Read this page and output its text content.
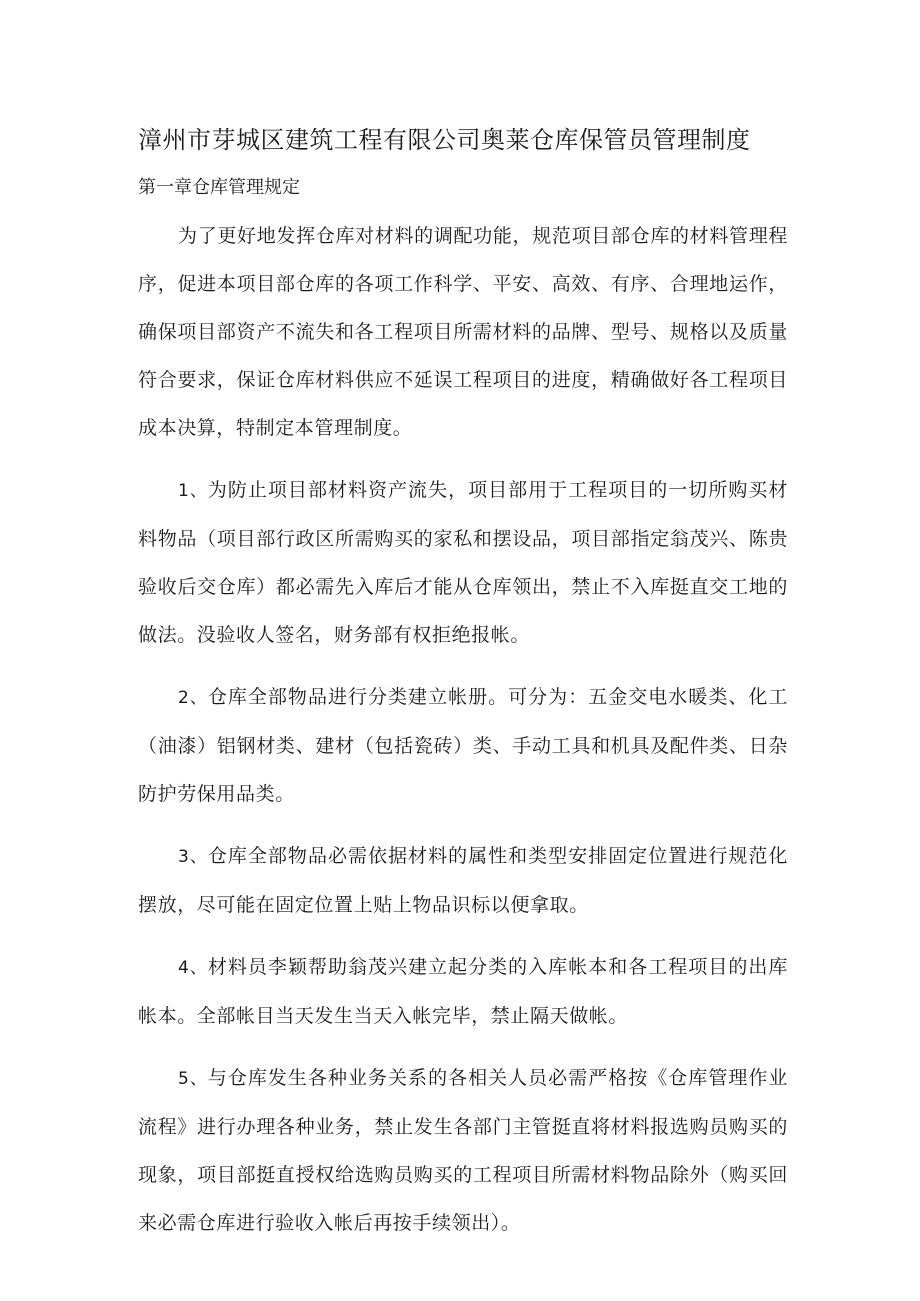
漳州市芽城区建筑工程有限公司奥莱仓库保管员管理制度
第一章仓库管理规定

为了更好地发挥仓库对材料的调配功能，规范项目部仓库的材料管理程序，促进本项目部仓库的各项工作科学、平安、高效、有序、合理地运作，确保项目部资产不流失和各工程项目所需材料的品牌、型号、规格以及质量符合要求，保证仓库材料供应不延误工程项目的进度，精确做好各工程项目成本决算，特制定本管理制度。

1、为防止项目部材料资产流失，项目部用于工程项目的一切所购买材料物品（项目部行政区所需购买的家私和摆设品，项目部指定翁茂兴、陈贵验收后交仓库）都必需先入库后才能从仓库领出，禁止不入库挺直交工地的做法。没验收人签名，财务部有权拒绝报帐。

2、仓库全部物品进行分类建立帐册。可分为：五金交电水暖类、化工（油漆）铝钢材类、建材（包括瓷砖）类、手动工具和机具及配件类、日杂防护劳保用品类。

3、仓库全部物品必需依据材料的属性和类型安排固定位置进行规范化摆放，尽可能在固定位置上贴上物品识标以便拿取。

4、材料员李颖帮助翁茂兴建立起分类的入库帐本和各工程项目的出库帐本。全部帐目当天发生当天入帐完毕，禁止隔天做帐。

5、与仓库发生各种业务关系的各相关人员必需严格按《仓库管理作业流程》进行办理各种业务，禁止发生各部门主管挺直将材料报选购员购买的现象，项目部挺直授权给选购员购买的工程项目所需材料物品除外（购买回来必需仓库进行验收入帐后再按手续领出）。
